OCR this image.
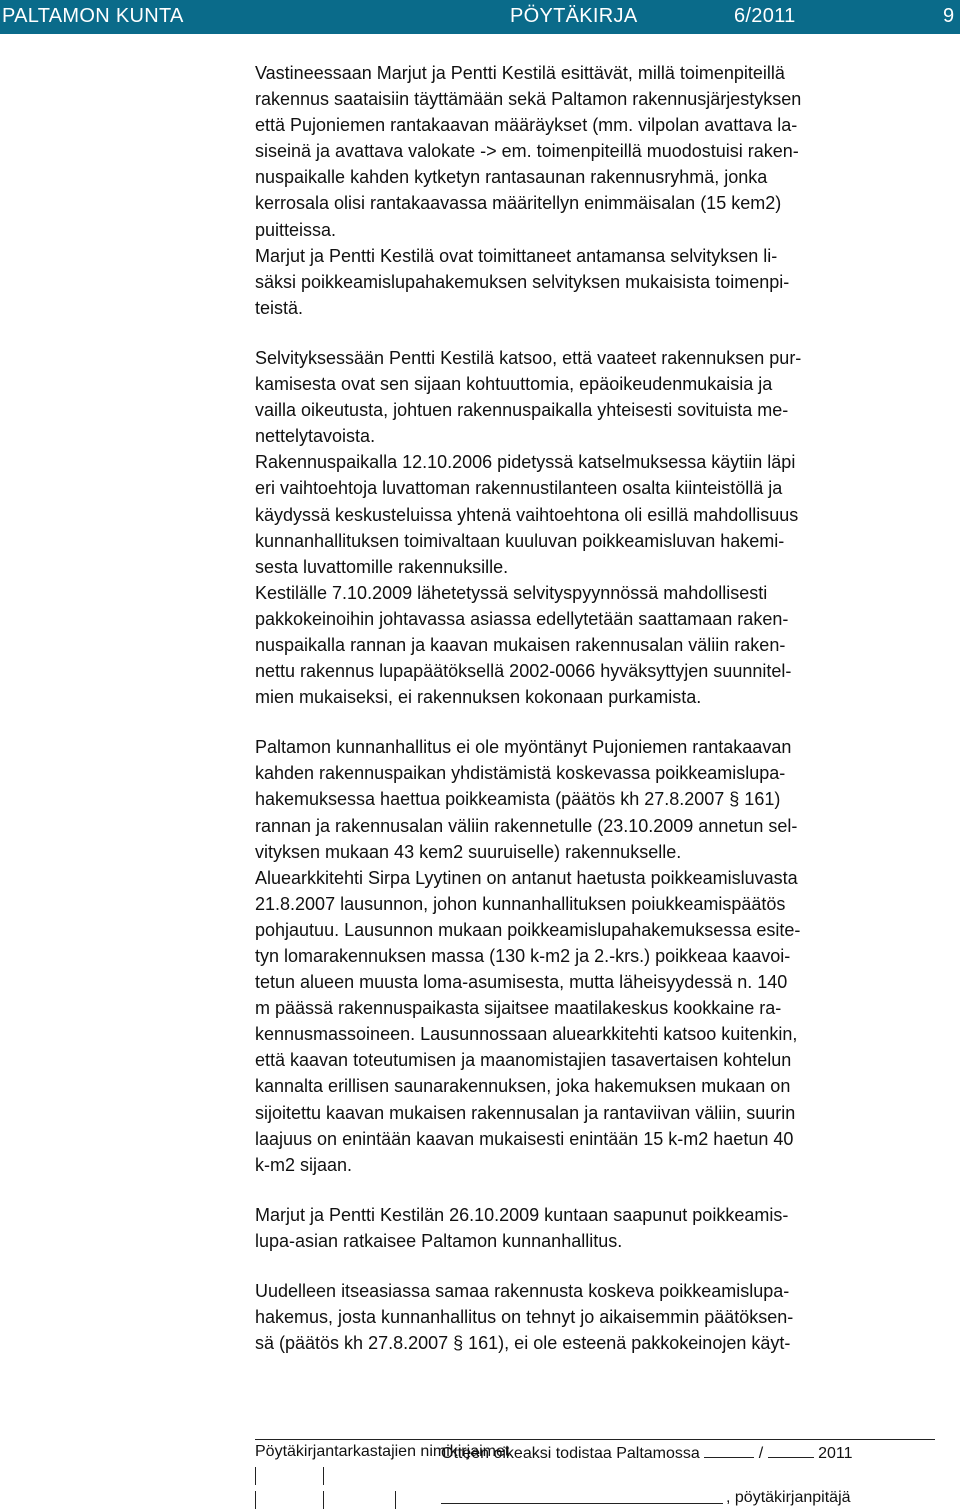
PALTAMON KUNTA	PÖYTÄKIRJA	6/2011	9

Vastineessaan Marjut ja Pentti Kestilä esittävät, millä toimenpiteillä

rakennus saataisiin täyttämään sekä Paltamon rakennusjärjestyksen

että Pujoniemen rantakaavan määräykset (mm. vilpolan avattava la-

siseinä ja avattava valokate -> em. toimenpiteillä muodostuisi raken-

nuspaikalle kahden kytketyn rantasaunan rakennusryhmä, jonka

kerrosala olisi rantakaavassa määritellyn enimmäisalan (15 kem2)

puitteissa.

Marjut ja Pentti Kestilä ovat toimittaneet antamansa selvityksen li-

säksi poikkeamislupahakemuksen selvityksen mukaisista toimenpi-

teistä.

Selvityksessään Pentti Kestilä katsoo, että vaateet rakennuksen pur-

kamisesta ovat sen sijaan kohtuuttomia, epäoikeudenmukaisia ja

vailla oikeutusta, johtuen rakennuspaikalla yhteisesti sovituista me-

nettelytavoista.

Rakennuspaikalla 12.10.2006 pidetyssä katselmuksessa käytiin läpi

eri vaihtoehtoja luvattoman rakennustilanteen osalta kiinteistöllä ja

käydyssä keskusteluissa yhtenä vaihtoehtona oli esillä mahdollisuus

kunnanhallituksen toimivaltaan kuuluvan poikkeamisluvan hakemi-

sesta luvattomille rakennuksille.

Kestilälle 7.10.2009 lähetetyssä selvityspyynnössä mahdollisesti

pakkokeinoihin johtavassa asiassa edellytetään saattamaan raken-

nuspaikalla rannan ja kaavan mukaisen rakennusalan väliin raken-

nettu rakennus lupapäätöksellä 2002-0066 hyväksyttyjen suunnitel-

mien mukaiseksi, ei rakennuksen kokonaan purkamista.

Paltamon kunnanhallitus ei ole myöntänyt Pujoniemen rantakaavan

kahden rakennuspaikan yhdistämistä koskevassa poikkeamislupa-

hakemuksessa haettua poikkeamista (päätös kh 27.8.2007 § 161)

rannan ja rakennusalan väliin rakennetulle (23.10.2009 annetun sel-

vityksen mukaan 43 kem2 suuruiselle) rakennukselle.

Aluearkkitehti Sirpa Lyytinen on antanut haetusta poikkeamisluvasta

21.8.2007 lausunnon, johon kunnanhallituksen poiukkeamispäätös

pohjautuu. Lausunnon mukaan poikkeamislupahakemuksessa esite-

tyn lomarakennuksen massa (130 k-m2 ja 2.-krs.) poikkeaa kaavoi-

tetun alueen muusta loma-asumisesta, mutta läheisyydessä n. 140

m päässä rakennuspaikasta sijaitsee maatilakeskus kookkaine ra-

kennusmassoineen. Lausunnossaan aluearkkitehti katsoo kuitenkin,

että kaavan toteutumisen ja maanomistajien tasavertaisen kohtelun

kannalta erillisen saunarakennuksen, joka hakemuksen mukaan on

sijoitettu kaavan mukaisen rakennusalan ja rantaviivan väliin, suurin

laajuus on enintään kaavan mukaisesti enintään 15 k-m2 haetun 40

k-m2 sijaan.

Marjut ja Pentti Kestilän 26.10.2009 kuntaan saapunut poikkeamis-

lupa-asian ratkaisee Paltamon kunnanhallitus.

Uudelleen itseasiassa samaa rakennusta koskeva poikkeamislupa-

hakemus, josta kunnanhallitus on tehnyt jo aikaisemmin päätöksen-

sä (päätös kh 27.8.2007 § 161), ei ole esteenä pakkokeinojen käyt-

Pöytäkirjantarkastajien nimikirjaimet
Otteen oikeaksi todistaa Paltamossa	/	2011
, pöytäkirjanpitäjä
